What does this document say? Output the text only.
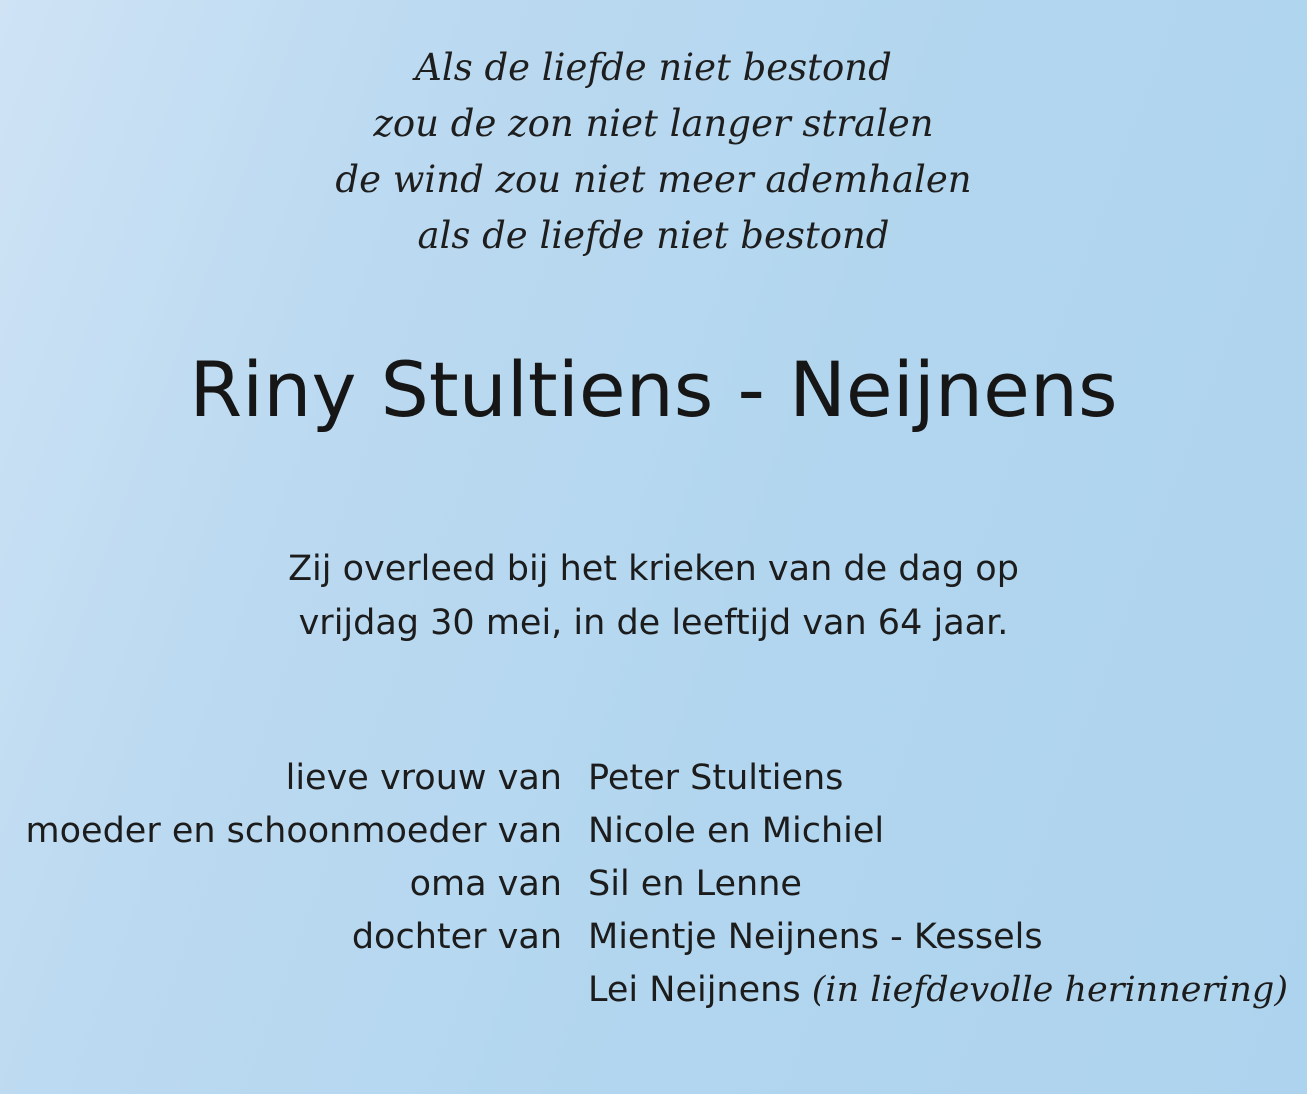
Als de liefde niet bestond
zou de zon niet langer stralen
de wind zou niet meer ademhalen
als de liefde niet bestond
Riny Stultiens - Neijnens
Zij overleed bij het krieken van de dag op
vrijdag 30 mei, in de leeftijd van 64 jaar.
lieve vrouw van Peter Stultiens
moeder en schoonmoeder van Nicole en Michiel
oma van Sil en Lenne
dochter van Mientje Neijnens - Kessels
Lei Neijnens (in liefdevolle herinnering)
